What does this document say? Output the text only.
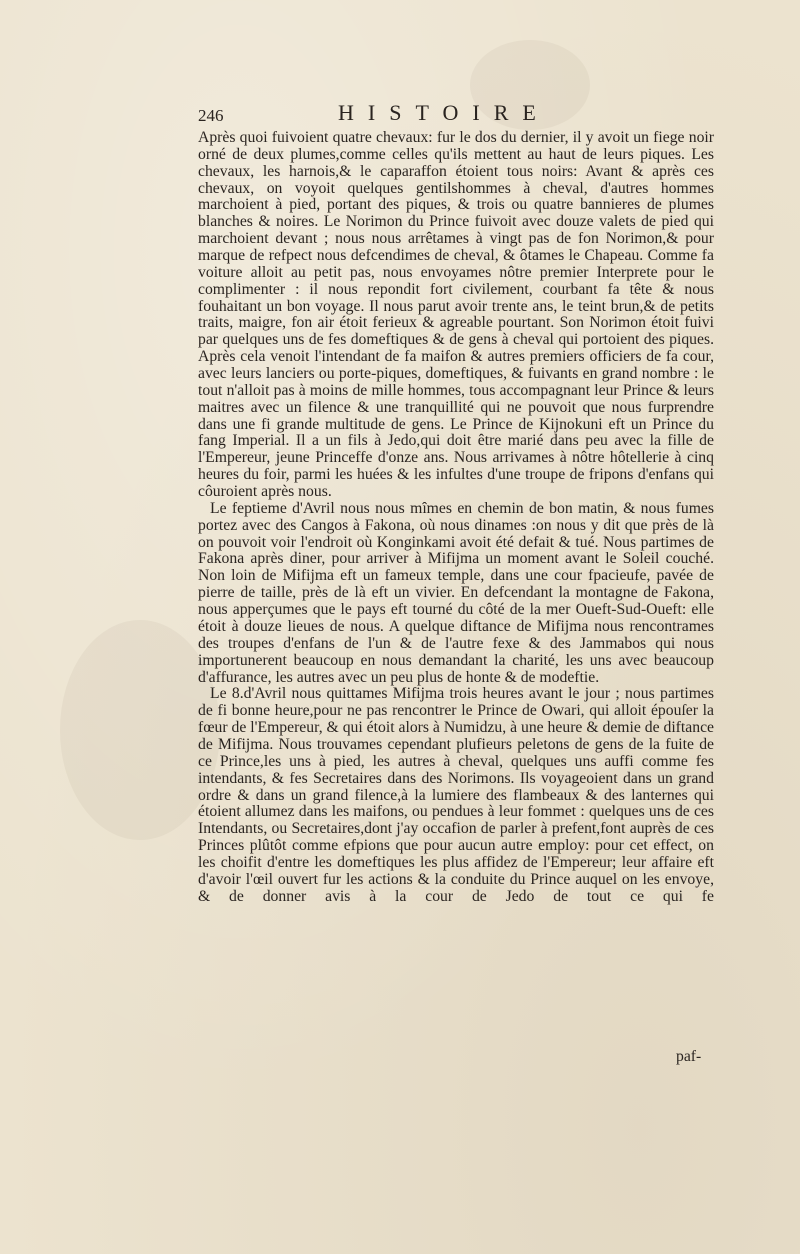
246	HISTOIRE

Après quoi fuivoient quatre chevaux: fur le dos du dernier, il y avoit un fiege noir orné de deux plumes,comme celles qu'ils mettent au haut de leurs piques. Les chevaux, les harnois,& le caparaffon étoient tous noirs: Avant & après ces chevaux, on voyoit quelques gentilshommes à cheval, d'autres hommes marchoient à pied, portant des piques, & trois ou quatre bannieres de plumes blanches & noires. Le Norimon du Prince fuivoit avec douze valets de pied qui marchoient devant ; nous nous arrêtames à vingt pas de fon Norimon,& pour marque de refpect nous defcendimes de cheval, & ôtames le Chapeau. Comme fa voiture alloit au petit pas, nous envoyames nôtre premier Interprete pour le complimenter : il nous repondit fort civilement, courbant fa tête & nous fouhaitant un bon voyage. Il nous parut avoir trente ans, le teint brun,& de petits traits, maigre, fon air étoit ferieux & agreable pourtant. Son Norimon étoit fuivi par quelques uns de fes domeftiques & de gens à cheval qui portoient des piques. Après cela venoit l'intendant de fa maifon & autres premiers officiers de fa cour, avec leurs lanciers ou porte-piques, domeftiques, & fuivants en grand nombre : le tout n'alloit pas à moins de mille hommes, tous accompagnant leur Prince & leurs maitres avec un filence & une tranquillité qui ne pouvoit que nous furprendre dans une fi grande multitude de gens. Le Prince de Kijnokuni eft un Prince du fang Imperial. Il a un fils à Jedo,qui doit être marié dans peu avec la fille de l'Empereur, jeune Princeffe d'onze ans. Nous arrivames à nôtre hôtellerie à cinq heures du foir, parmi les huées & les infultes d'une troupe de fripons d'enfans qui côuroient après nous.

Le feptieme d'Avril nous nous mîmes en chemin de bon matin, & nous fumes portez avec des Cangos à Fakona, où nous dinames :on nous y dit que près de là on pouvoit voir l'endroit où Konginkami avoit été defait & tué. Nous partimes de Fakona après diner, pour arriver à Mifijma un moment avant le Soleil couché. Non loin de Mifijma eft un fameux temple, dans une cour fpacieufe, pavée de pierre de taille, près de là eft un vivier. En defcendant la montagne de Fakona, nous apperçumes que le pays eft tourné du côté de la mer Oueft-Sud-Oueft: elle étoit à douze lieues de nous. A quelque diftance de Mifijma nous rencontrames des troupes d'enfans de l'un & de l'autre fexe & des Jammabos qui nous importunerent beaucoup en nous demandant la charité, les uns avec beaucoup d'affurance, les autres avec un peu plus de honte & de modeftie.

Le 8.d'Avril nous quittames Mifijma trois heures avant le jour ; nous partimes de fi bonne heure,pour ne pas rencontrer le Prince de Owari, qui alloit épouſer la fœur de l'Empereur, & qui étoit alors à Numidzu, à une heure & demie de diftance de Mifijma. Nous trouvames cependant plufieurs peletons de gens de la fuite de ce Prince,les uns à pied, les autres à cheval, quelques uns auffi comme fes intendants, & fes Secretaires dans des Norimons. Ils voyageoient dans un grand ordre & dans un grand filence,à la lumiere des flambeaux & des lanternes qui étoient allumez dans les maifons, ou pendues à leur fommet : quelques uns de ces Intendants, ou Secretaires,dont j'ay occafion de parler à prefent,font auprès de ces Princes plûtôt comme efpions que pour aucun autre employ: pour cet effect, on les choifit d'entre les domeftiques les plus affidez de l'Empereur; leur affaire eft d'avoir l'œil ouvert fur les actions & la conduite du Prince auquel on les envoye, & de donner avis à la cour de Jedo de tout ce qui fe

paf-
